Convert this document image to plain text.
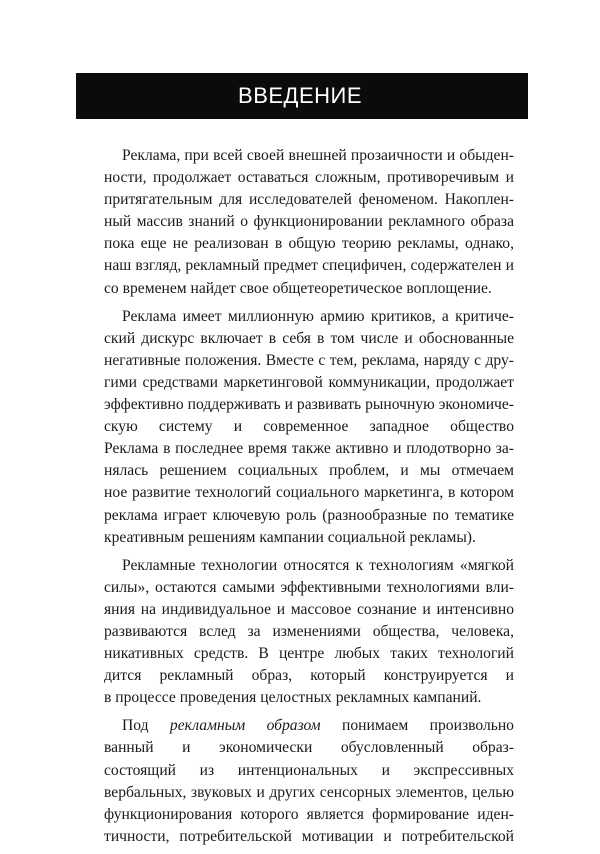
ВВЕДЕНИЕ
Реклама, при всей своей внешней прозаичности и обыден-
ности, продолжает оставаться сложным, противоречивым и
притягательным для исследователей феноменом. Накоплен-
ный массив знаний о функционировании рекламного образа
пока еще не реализован в общую теорию рекламы, однако,
наш взгляд, рекламный предмет специфичен, содержателен и
со временем найдет свое общетеоретическое воплощение.
Реклама имеет миллионную армию критиков, а критиче-
ский дискурс включает в себя в том числе и обоснованные
негативные положения. Вместе с тем, реклама, наряду с дру-
гими средствами маркетинговой коммуникации, продолжает
эффективно поддерживать и развивать рыночную экономиче-
скую систему и современное западное общество
Реклама в последнее время также активно и плодотворно за-
нялась решением социальных проблем, и мы отмечаем
ное развитие технологий социального маркетинга, в котором
реклама играет ключевую роль (разнообразные по тематике
креативным решениям кампании социальной рекламы).
Рекламные технологии относятся к технологиям «мягкой
силы», остаются самыми эффективными технологиями вли-
яния на индивидуальное и массовое сознание и интенсивно
развиваются вслед за изменениями общества, человека,
никативных средств. В центре любых таких технологий
дится рекламный образ, который конструируется и
в процессе проведения целостных рекламных кампаний.
Под рекламным образом понимаем произвольно
ванный и экономически обусловленный образ-
состоящий из интенциональных и экспрессивных
вербальных, звуковых и других сенсорных элементов, целью
функционирования которого является формирование иден-
тичности, потребительской мотивации и потребительской
